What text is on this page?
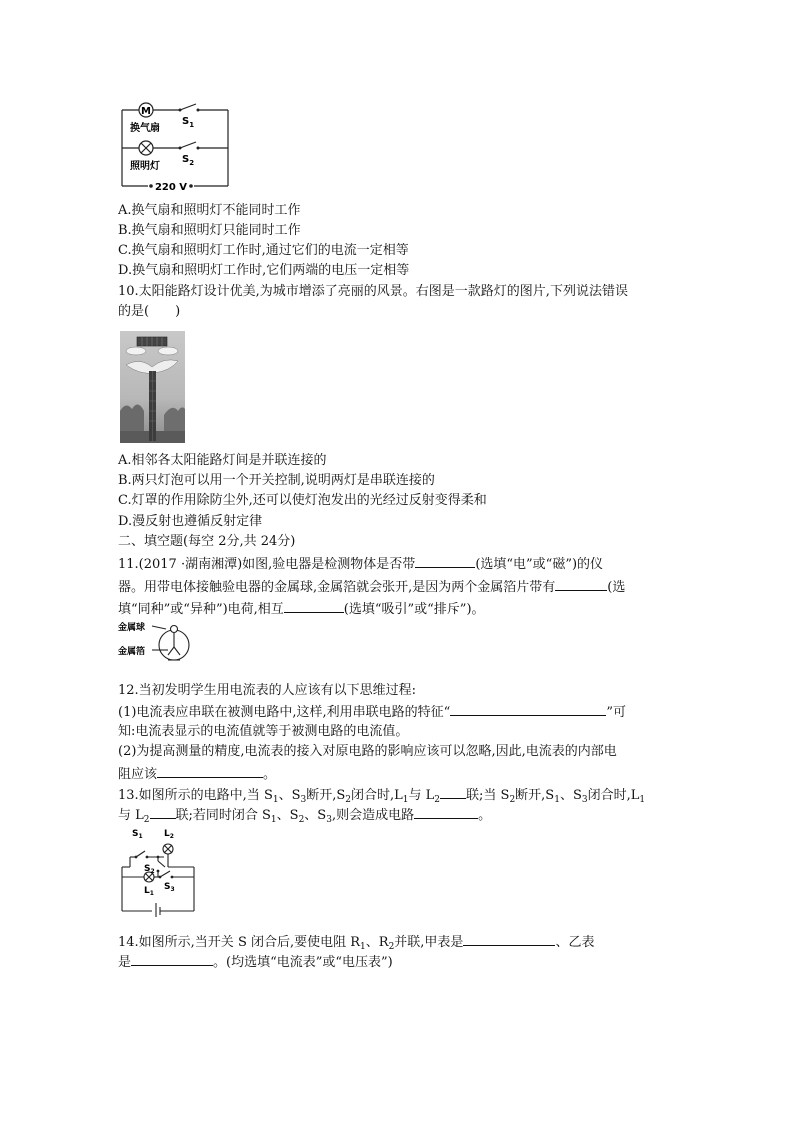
M
换气扇
照明灯
$S_1$
$S_2$
220 V
A.换气扇和照明灯不能同时工作
B.换气扇和照明灯只能同时工作
C.换气扇和照明灯工作时,通过它们的电流一定相等
D.换气扇和照明灯工作时,它们两端的电压一定相等
10.太阳能路灯设计优美,为城市增添了亮丽的风景。右图是一款路灯的图片,下列说法错误
的是(　　)
A.相邻各太阳能路灯间是并联连接的
B.两只灯泡可以用一个开关控制,说明两灯是串联连接的
C.灯罩的作用除防尘外,还可以使灯泡发出的光经过反射变得柔和
D.漫反射也遵循反射定律
二、填空题(每空 2分,共 24分)
11.(2017 ·湖南湘潭)如图,验电器是检测物体是否带	(选填“电”或“磁”)的仪
器。用带电体接触验电器的金属球,金属箔就会张开,是因为两个金属箔片带有	(选
填“同种”或“异种”)电荷,相互	(选填“吸引”或“排斥”)。
金属球
金属箔
12.当初发明学生用电流表的人应该有以下思维过程:
(1)电流表应串联在被测电路中,这样,利用串联电路的特征“	”可
知:电流表显示的电流值就等于被测电路的电流值。
(2)为提高测量的精度,电流表的接入对原电路的影响应该可以忽略,因此,电流表的内部电
阻应该	。
13.如图所示的电路中,当 $S_1$、$S_3$断开$,S_2$闭合时$,L_1$与 $L_2$ 联;当 $S_2$断开$,S_1$、$S_3$闭合时$,L_1$
与 $L_2$ 联;若同时闭合 $S_1$、$S_2$、$S_3$,则会造成电路	。
$S_1$ $L_2$
$S_2$
$L_1$
$S_3$
14.如图所示,当开关 S 闭合后,要使电阻 $R_1$、$R_2$并联,甲表是	、乙表
是	。(均选填“电流表”或“电压表”)
